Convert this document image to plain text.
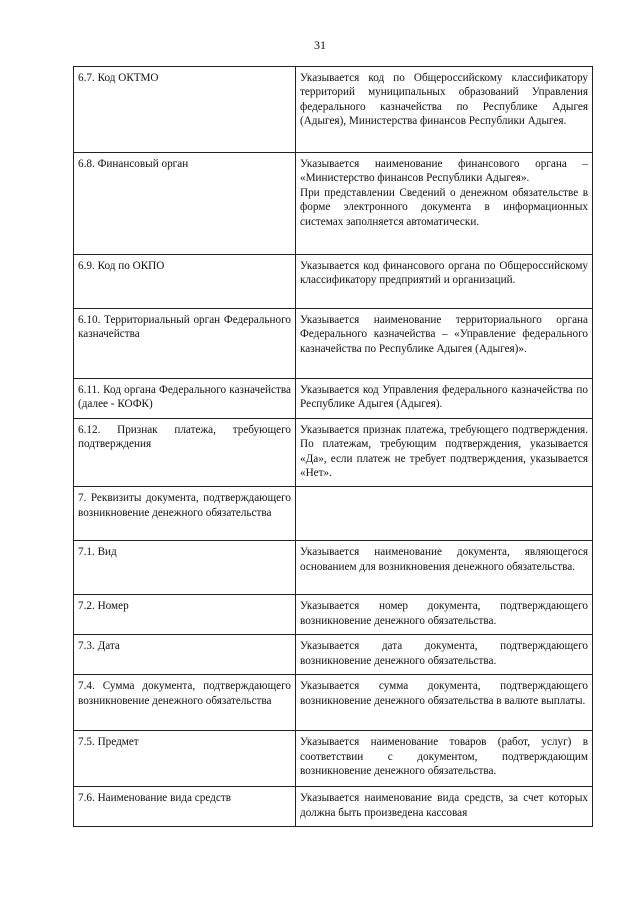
31
6.7. Код ОКТМО	Указывается код по Общероссийскому классификатору территорий муниципальных образований Управления федерального казначейства по Республике Адыгея (Адыгея), Министерства финансов Республики Адыгея.
6.8. Финансовый орган	Указывается наименование финансового органа – «Министерство финансов Республики Адыгея».
При представлении Сведений о денежном обязательстве в форме электронного документа в информационных системах заполняется автоматически.
6.9. Код по ОКПО	Указывается код финансового органа по Общероссийскому классификатору предприятий и организаций.
6.10. Территориальный орган Федерального казначейства	Указывается наименование территориального органа Федерального казначейства – «Управление федерального казначейства по Республике Адыгея (Адыгея)».
6.11. Код органа Федерального казначейства (далее - КОФК)	Указывается код Управления федерального казначейства по Республике Адыгея (Адыгея).
6.12. Признак платежа, требующего подтверждения	Указывается признак платежа, требующего подтверждения. По платежам, требующим подтверждения, указывается «Да», если платеж не требует подтверждения, указывается «Нет».
7. Реквизиты документа, подтверждающего возникновение денежного обязательства	
7.1. Вид	Указывается наименование документа, являющегося основанием для возникновения денежного обязательства.
7.2. Номер	Указывается номер документа, подтверждающего возникновение денежного обязательства.
7.3. Дата	Указывается дата документа, подтверждающего возникновение денежного обязательства.
7.4. Сумма документа, подтверждающего возникновение денежного обязательства	Указывается сумма документа, подтверждающего возникновение денежного обязательства в валюте выплаты.
7.5. Предмет	Указывается наименование товаров (работ, услуг) в соответствии с документом, подтверждающим возникновение денежного обязательства.
7.6. Наименование вида средств	Указывается наименование вида средств, за счет которых должна быть произведена кассовая
